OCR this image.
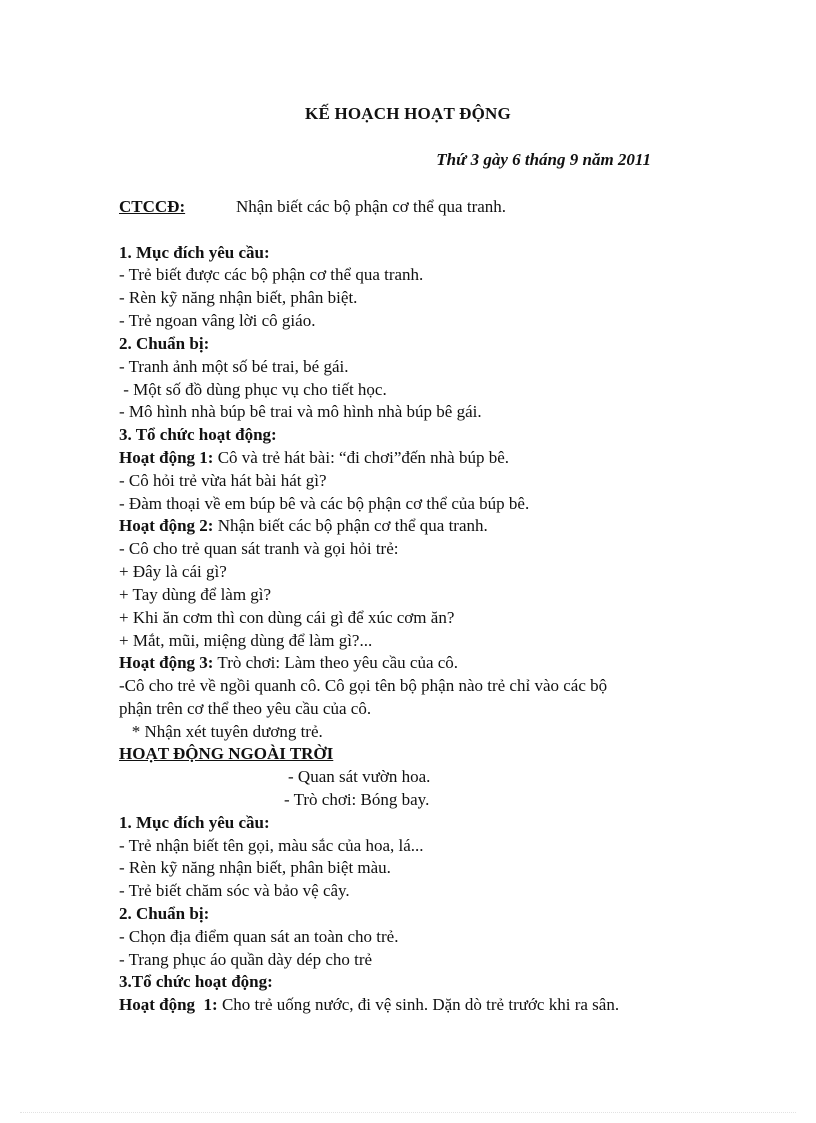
KẾ HOẠCH HOẠT ĐỘNG

Thứ 3 gày 6 tháng 9 năm 2011

CTCCĐ:	Nhận biết các bộ phận cơ thể qua tranh.

1. Mục đích yêu cầu:

- Trẻ biết được các bộ phận cơ thể qua tranh.

- Rèn kỹ năng nhận biết, phân biệt.

- Trẻ ngoan vâng lời cô giáo.

2. Chuẩn bị:

- Tranh ảnh một số bé trai, bé gái.

- Một số đồ dùng phục vụ cho tiết học.

- Mô hình nhà búp bê trai và mô hình nhà búp bê gái.

3. Tổ chức hoạt động:

Hoạt động 1: Cô và trẻ hát bài: “đi chơi”đến nhà búp bê.

- Cô hỏi trẻ vừa hát bài hát gì?

- Đàm thoại về em búp bê và các bộ phận cơ thể của búp bê.

Hoạt động 2: Nhận biết các bộ phận cơ thể qua tranh.

- Cô cho trẻ quan sát tranh và gọi hỏi trẻ:

+ Đây là cái gì?

+ Tay dùng để làm gì?

+ Khi ăn cơm thì con dùng cái gì để xúc cơm ăn?

+ Mắt, mũi, miệng dùng để làm gì?...

Hoạt động 3: Trò chơi: Làm theo yêu cầu của cô.

-Cô cho trẻ về ngồi quanh cô. Cô gọi tên bộ phận nào trẻ chỉ vào các bộ

phận trên cơ thể theo yêu cầu của cô.

* Nhận xét tuyên dương trẻ.

HOẠT ĐỘNG NGOÀI TRỜI

- Quan sát vườn hoa.

- Trò chơi: Bóng bay.

1. Mục đích yêu cầu:

- Trẻ nhận biết tên gọi, màu sắc của hoa, lá...

- Rèn kỹ năng nhận biết, phân biệt màu.

- Trẻ biết chăm sóc và bảo vệ cây.

2. Chuẩn bị:

- Chọn địa điểm quan sát an toàn cho trẻ.

- Trang phục áo quần dày dép cho trẻ

3.Tổ chức hoạt động:

Hoạt động  1: Cho trẻ uống nước, đi vệ sinh. Dặn dò trẻ trước khi ra sân.
